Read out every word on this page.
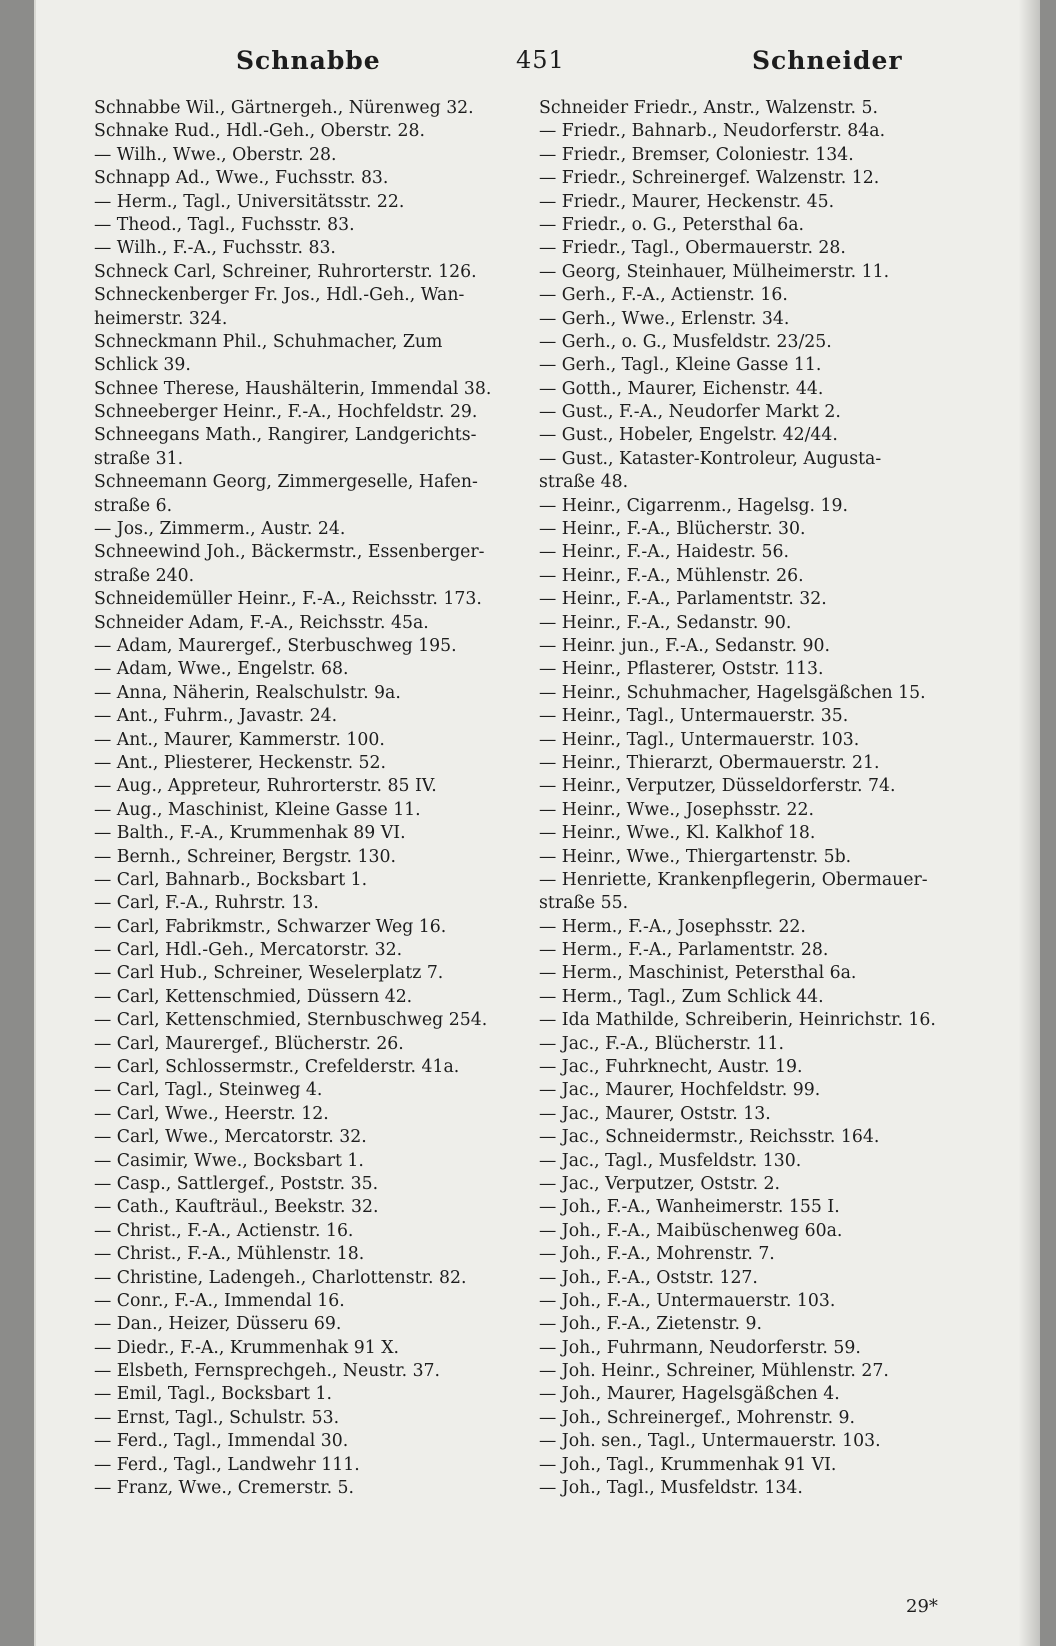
Schnabbe	451	Schneider
Schnabbe Wil., Gärtnergeh., Nürenweg 32.
Schnake Rud., Hdl.-Geh., Oberstr. 28.
— Wilh., Wwe., Oberstr. 28.
Schnapp Ad., Wwe., Fuchsstr. 83.
— Herm., Tagl., Universitätsstr. 22.
— Theod., Tagl., Fuchsstr. 83.
— Wilh., F.-A., Fuchsstr. 83.
Schneck Carl, Schreiner, Ruhrorterstr. 126.
Schneckenberger Fr. Jos., Hdl.-Geh., Wan-
heimerstr. 324.
Schneckmann Phil., Schuhmacher, Zum
Schlick 39.
Schnee Therese, Haushälterin, Immendal 38.
Schneeberger Heinr., F.-A., Hochfeldstr. 29.
Schneegans Math., Rangirer, Landgerichts-
straße 31.
Schneemann Georg, Zimmergeselle, Hafen-
straße 6.
— Jos., Zimmerm., Austr. 24.
Schneewind Joh., Bäckermstr., Essenberger-
straße 240.
Schneidemüller Heinr., F.-A., Reichsstr. 173.
Schneider Adam, F.-A., Reichsstr. 45a.
— Adam, Maurergef., Sterbuschweg 195.
— Adam, Wwe., Engelstr. 68.
— Anna, Näherin, Realschulstr. 9a.
— Ant., Fuhrm., Javastr. 24.
— Ant., Maurer, Kammerstr. 100.
— Ant., Pliesterer, Heckenstr. 52.
— Aug., Appreteur, Ruhrorterstr. 85 IV.
— Aug., Maschinist, Kleine Gasse 11.
— Balth., F.-A., Krummenhak 89 VI.
— Bernh., Schreiner, Bergstr. 130.
— Carl, Bahnarb., Bocksbart 1.
— Carl, F.-A., Ruhrstr. 13.
— Carl, Fabrikmstr., Schwarzer Weg 16.
— Carl, Hdl.-Geh., Mercatorstr. 32.
— Carl Hub., Schreiner, Weselerplatz 7.
— Carl, Kettenschmied, Düssern 42.
— Carl, Kettenschmied, Sternbuschweg 254.
— Carl, Maurergef., Blücherstr. 26.
— Carl, Schlossermstr., Crefelderstr. 41a.
— Carl, Tagl., Steinweg 4.
— Carl, Wwe., Heerstr. 12.
— Carl, Wwe., Mercatorstr. 32.
— Casimir, Wwe., Bocksbart 1.
— Casp., Sattlergef., Poststr. 35.
— Cath., Kaufträul., Beekstr. 32.
— Christ., F.-A., Actienstr. 16.
— Christ., F.-A., Mühlenstr. 18.
— Christine, Ladengeh., Charlottenstr. 82.
— Conr., F.-A., Immendal 16.
— Dan., Heizer, Düsseru 69.
— Diedr., F.-A., Krummenhak 91 X.
— Elsbeth, Fernsprechgeh., Neustr. 37.
— Emil, Tagl., Bocksbart 1.
— Ernst, Tagl., Schulstr. 53.
— Ferd., Tagl., Immendal 30.
— Ferd., Tagl., Landwehr 111.
— Franz, Wwe., Cremerstr. 5.
Schneider Friedr., Anstr., Walzenstr. 5.
— Friedr., Bahnarb., Neudorferstr. 84a.
— Friedr., Bremser, Coloniestr. 134.
— Friedr., Schreinergef. Walzenstr. 12.
— Friedr., Maurer, Heckenstr. 45.
— Friedr., o. G., Petersthal 6a.
— Friedr., Tagl., Obermauerstr. 28.
— Georg, Steinhauer, Mülheimerstr. 11.
— Gerh., F.-A., Actienstr. 16.
— Gerh., Wwe., Erlenstr. 34.
— Gerh., o. G., Musfeldstr. 23/25.
— Gerh., Tagl., Kleine Gasse 11.
— Gotth., Maurer, Eichenstr. 44.
— Gust., F.-A., Neudorfer Markt 2.
— Gust., Hobeler, Engelstr. 42/44.
— Gust., Kataster-Kontroleur, Augusta-
straße 48.
— Heinr., Cigarrenm., Hagelsg. 19.
— Heinr., F.-A., Blücherstr. 30.
— Heinr., F.-A., Haidestr. 56.
— Heinr., F.-A., Mühlenstr. 26.
— Heinr., F.-A., Parlamentstr. 32.
— Heinr., F.-A., Sedanstr. 90.
— Heinr. jun., F.-A., Sedanstr. 90.
— Heinr., Pflasterer, Oststr. 113.
— Heinr., Schuhmacher, Hagelsgäßchen 15.
— Heinr., Tagl., Untermauerstr. 35.
— Heinr., Tagl., Untermauerstr. 103.
— Heinr., Thierarzt, Obermauerstr. 21.
— Heinr., Verputzer, Düsseldorferstr. 74.
— Heinr., Wwe., Josephsstr. 22.
— Heinr., Wwe., Kl. Kalkhof 18.
— Heinr., Wwe., Thiergartenstr. 5b.
— Henriette, Krankenpflegerin, Obermauer-
straße 55.
— Herm., F.-A., Josephsstr. 22.
— Herm., F.-A., Parlamentstr. 28.
— Herm., Maschinist, Petersthal 6a.
— Herm., Tagl., Zum Schlick 44.
— Ida Mathilde, Schreiberin, Heinrichstr. 16.
— Jac., F.-A., Blücherstr. 11.
— Jac., Fuhrknecht, Austr. 19.
— Jac., Maurer, Hochfeldstr. 99.
— Jac., Maurer, Oststr. 13.
— Jac., Schneidermstr., Reichsstr. 164.
— Jac., Tagl., Musfeldstr. 130.
— Jac., Verputzer, Oststr. 2.
— Joh., F.-A., Wanheimerstr. 155 I.
— Joh., F.-A., Maibüschenweg 60a.
— Joh., F.-A., Mohrenstr. 7.
— Joh., F.-A., Oststr. 127.
— Joh., F.-A., Untermauerstr. 103.
— Joh., F.-A., Zietenstr. 9.
— Joh., Fuhrmann, Neudorferstr. 59.
— Joh. Heinr., Schreiner, Mühlenstr. 27.
— Joh., Maurer, Hagelsgäßchen 4.
— Joh., Schreinergef., Mohrenstr. 9.
— Joh. sen., Tagl., Untermauerstr. 103.
— Joh., Tagl., Krummenhak 91 VI.
— Joh., Tagl., Musfeldstr. 134.
29*
